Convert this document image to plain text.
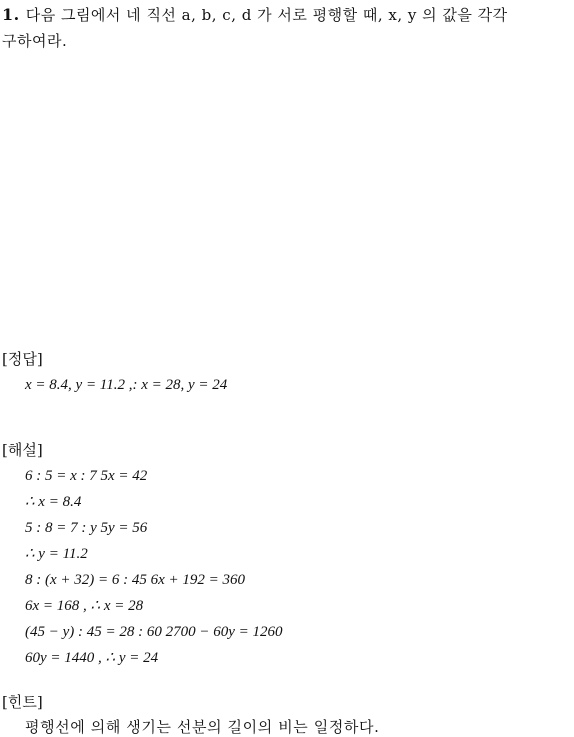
1. 다음 그림에서 네 직선 a, b, c, d 가 서로 평행할 때, x, y 의 값을 각각
구하여라.
[정답]
x = 8.4, y = 11.2 ,: x = 28, y = 24
[해설]
6 : 5 = x : 7 5x = 42
∴ x = 8.4
5 : 8 = 7 : y 5y = 56
∴ y = 11.2
8 : (x + 32) = 6 : 45 6x + 192 = 360
6x = 168 , ∴ x = 28
(45 − y) : 45 = 28 : 60 2700 − 60y = 1260
60y = 1440 , ∴ y = 24
[힌트]
평행선에 의해 생기는 선분의 길이의 비는 일정하다.
